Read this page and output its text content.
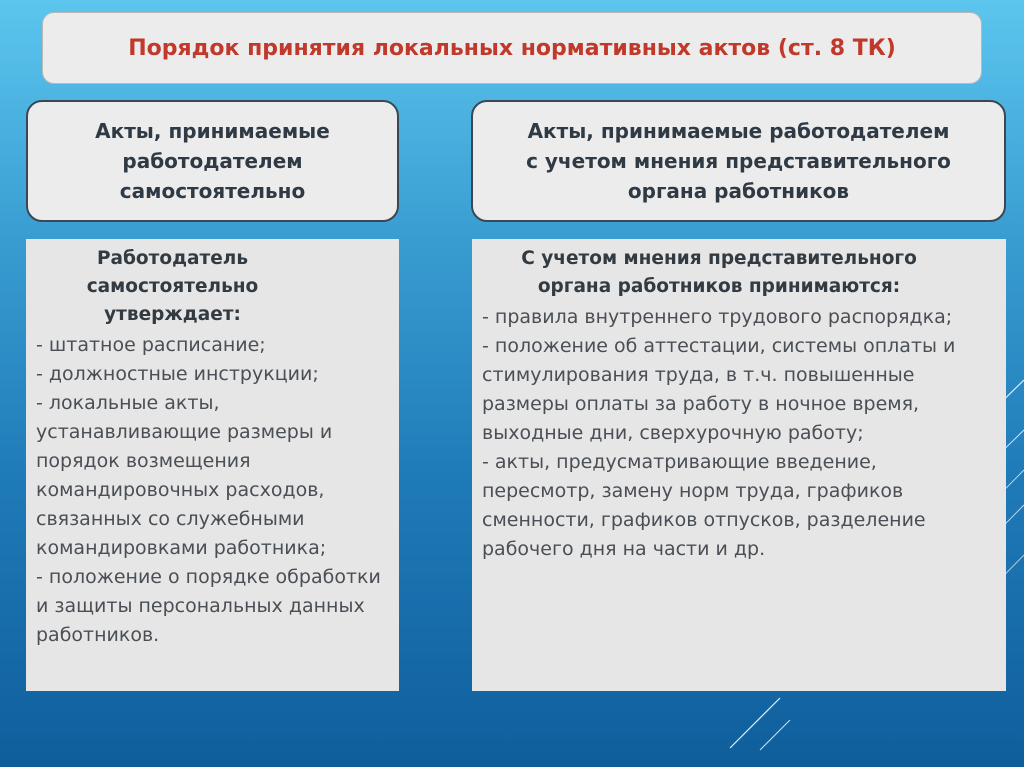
Порядок принятия локальных нормативных актов (ст. 8 ТК)
Акты, принимаемые
работодателем
самостоятельно
Акты, принимаемые работодателем
с учетом мнения представительного
органа работников
Работодатель
самостоятельно
утверждает:

- штатное расписание;

- должностные инструкции;

- локальные акты, устанавливающие размеры и порядок возмещения командировочных расходов, связанных со служебными командировками работника;

- положение о порядке обработки и защиты персональных данных работников.

С учетом мнения представительного
органа работников принимаются:

- правила внутреннего трудового распорядка;

- положение об аттестации, системы оплаты и стимулирования труда, в т.ч. повышенные размеры оплаты за работу в ночное время, выходные дни, сверхурочную работу;

- акты, предусматривающие введение, пересмотр, замену норм труда, графиков сменности, графиков отпусков, разделение рабочего дня на части и др.
